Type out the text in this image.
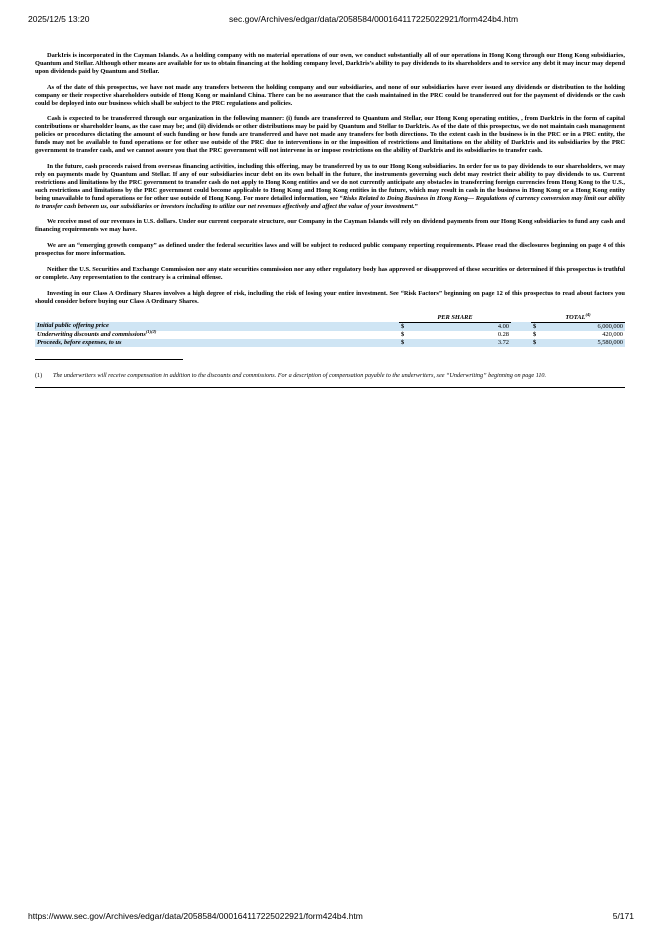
2025/12/5 13:20	sec.gov/Archives/edgar/data/2058584/000164117225022921/form424b4.htm

DarkIris is incorporated in the Cayman Islands. As a holding company with no material operations of our own, we conduct substantially all of our operations in Hong Kong through our Hong Kong subsidiaries, Quantum and Stellar. Although other means are available for us to obtain financing at the holding company level, DarkIris’s ability to pay dividends to its shareholders and to service any debt it may incur may depend upon dividends paid by Quantum and Stellar.

As of the date of this prospectus, we have not made any transfers between the holding company and our subsidiaries, and none of our subsidiaries have ever issued any dividends or distribution to the holding company or their respective shareholders outside of Hong Kong or mainland China. There can be no assurance that the cash maintained in the PRC could be transferred out for the payment of dividends or the cash could be deployed into our business which shall be subject to the PRC regulations and policies.

Cash is expected to be transferred through our organization in the following manner: (i) funds are transferred to Quantum and Stellar, our Hong Kong operating entities, , from DarkIris in the form of capital contributions or shareholder loans, as the case may be; and (ii) dividends or other distributions may be paid by Quantum and Stellar to DarkIris. As of the date of this prospectus, we do not maintain cash management policies or procedures dictating the amount of such funding or how funds are transferred and have not made any transfers for both directions. To the extent cash in the business is in the PRC or in a PRC entity, the funds may not be available to fund operations or for other use outside of the PRC due to interventions in or the imposition of restrictions and limitations on the ability of DarkIris and its subsidiaries by the PRC government to transfer cash, and we cannot assure you that the PRC government will not intervene in or impose restrictions on the ability of DarkIris and its subsidiaries to transfer cash.

In the future, cash proceeds raised from overseas financing activities, including this offering, may be transferred by us to our Hong Kong subsidiaries. In order for us to pay dividends to our shareholders, we may rely on payments made by Quantum and Stellar. If any of our subsidiaries incur debt on its own behalf in the future, the instruments governing such debt may restrict their ability to pay dividends to us. Current restrictions and limitations by the PRC government to transfer cash do not apply to Hong Kong entities and we do not currently anticipate any obstacles in transferring foreign currencies from Hong Kong to the U.S., such restrictions and limitations by the PRC government could become applicable to Hong Kong and Hong Kong entities in the future, which may result in cash in the business in Hong Kong or a Hong Kong entity being unavailable to fund operations or for other use outside of Hong Kong. For more detailed information, see “Risks Related to Doing Business in Hong Kong— Regulations of currency conversion may limit our ability to transfer cash between us, our subsidiaries or investors including to utilize our net revenues effectively and affect the value of your investment.”

We receive most of our revenues in U.S. dollars. Under our current corporate structure, our Company in the Cayman Islands will rely on dividend payments from our Hong Kong subsidiaries to fund any cash and financing requirements we may have.

We are an “emerging growth company” as defined under the federal securities laws and will be subject to reduced public company reporting requirements. Please read the disclosures beginning on page 4 of this prospectus for more information.

Neither the U.S. Securities and Exchange Commission nor any state securities commission nor any other regulatory body has approved or disapproved of these securities or determined if this prospectus is truthful or complete. Any representation to the contrary is a criminal offense.

Investing in our Class A Ordinary Shares involves a high degree of risk, including the risk of losing your entire investment. See “Risk Factors” beginning on page 12 of this prospectus to read about factors you should consider before buying our Class A Ordinary Shares.

	PER SHARE			TOTAL$^{(4)}$
Initial public offering price	$	4.00		$	6,000,000
Underwriting discounts and commissions$^{(1)(2)}$	$	0.28		$	420,000
Proceeds, before expenses, to us	$	3.72		$	5,580,000
(1) The underwriters will receive compensation in addition to the discounts and commissions. For a description of compensation payable to the underwriters, see “Underwriting” beginning on page 110.
https://www.sec.gov/Archives/edgar/data/2058584/000164117225022921/form424b4.htm	5/171
